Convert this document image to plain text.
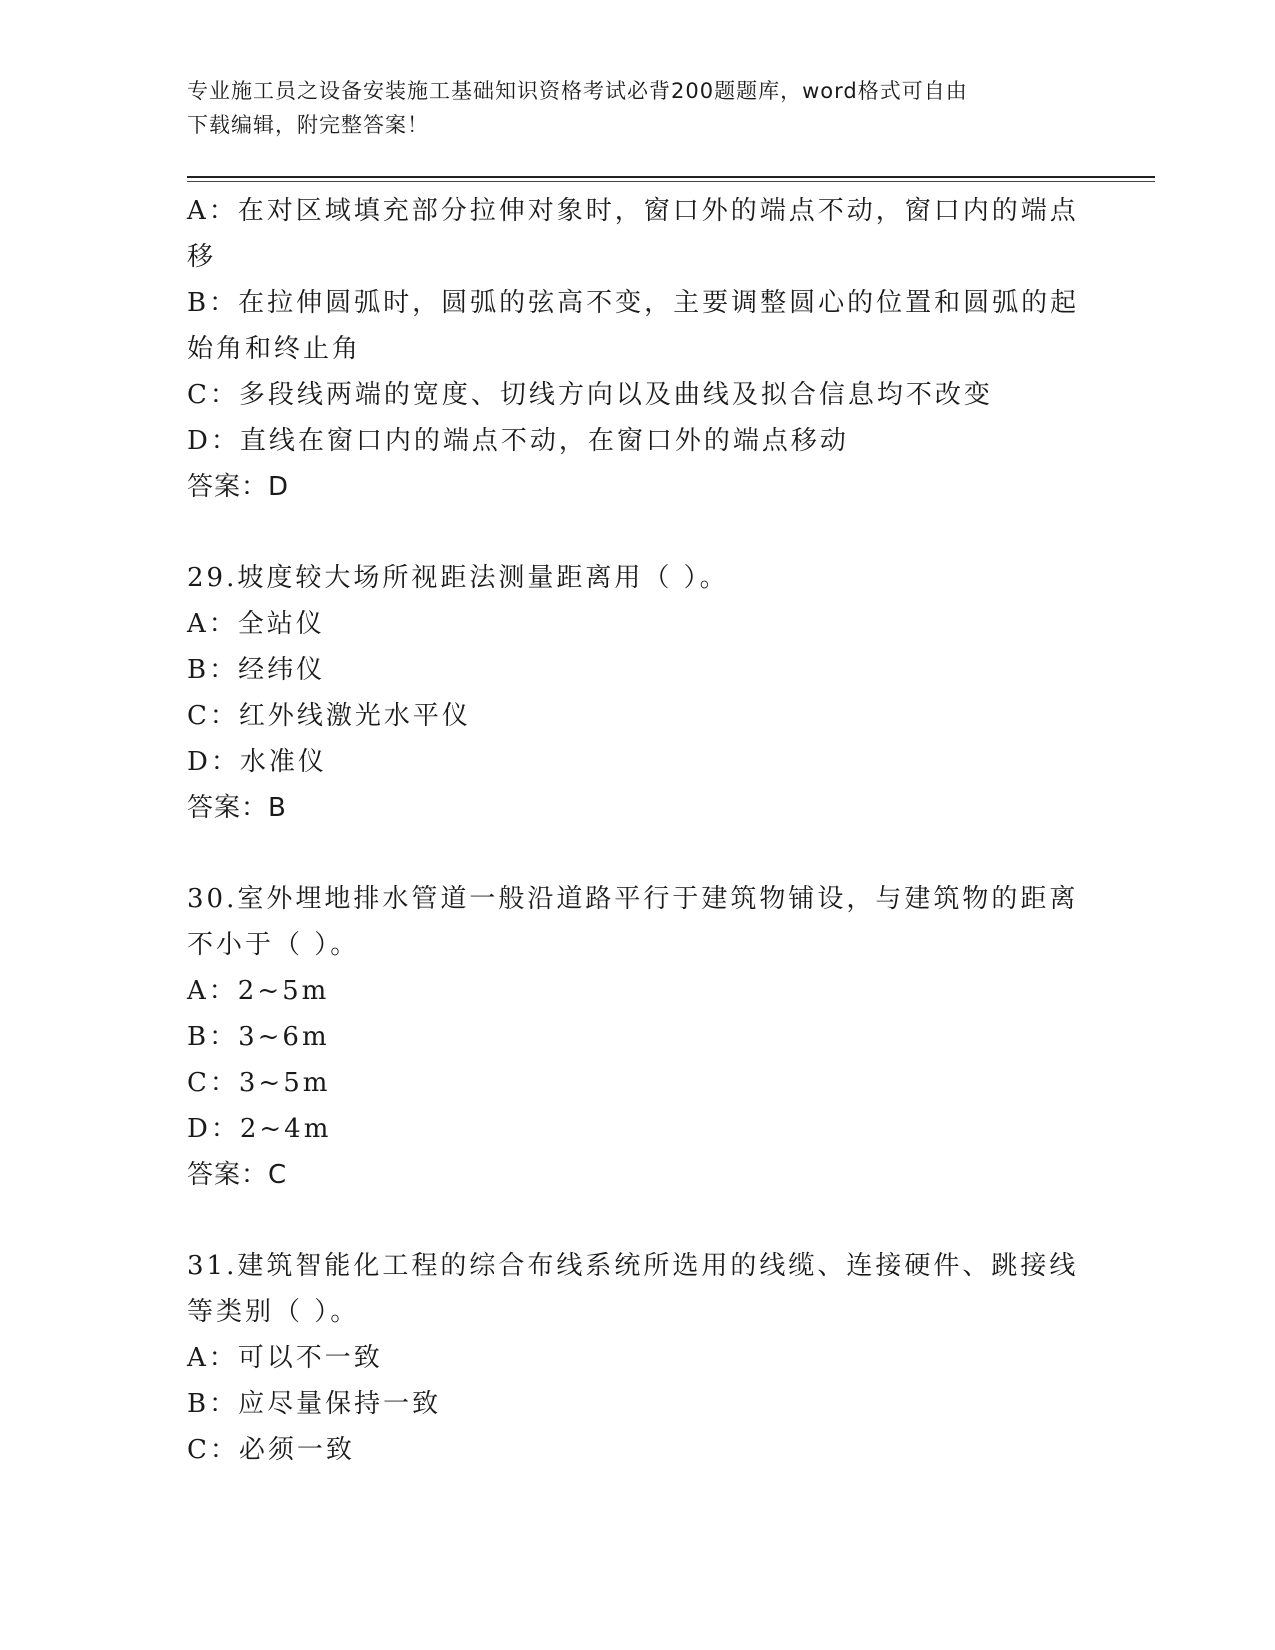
专业施工员之设备安装施工基础知识资格考试必背200题题库，word格式可自由
下载编辑，附完整答案！
A：在对区域填充部分拉伸对象时，窗口外的端点不动，窗口内的端点
移
B：在拉伸圆弧时，圆弧的弦高不变，主要调整圆心的位置和圆弧的起
始角和终止角
C：多段线两端的宽度、切线方向以及曲线及拟合信息均不改变
D：直线在窗口内的端点不动，在窗口外的端点移动
答案：D
29.坡度较大场所视距法测量距离用（ ）。
A：全站仪
B：经纬仪
C：红外线激光水平仪
D：水准仪
答案：B
30.室外埋地排水管道一般沿道路平行于建筑物铺设，与建筑物的距离
不小于（ ）。
A：2~5m
B：3~6m
C：3~5m
D：2~4m
答案：C
31.建筑智能化工程的综合布线系统所选用的线缆、连接硬件、跳接线
等类别（ ）。
A：可以不一致
B：应尽量保持一致
C：必须一致
